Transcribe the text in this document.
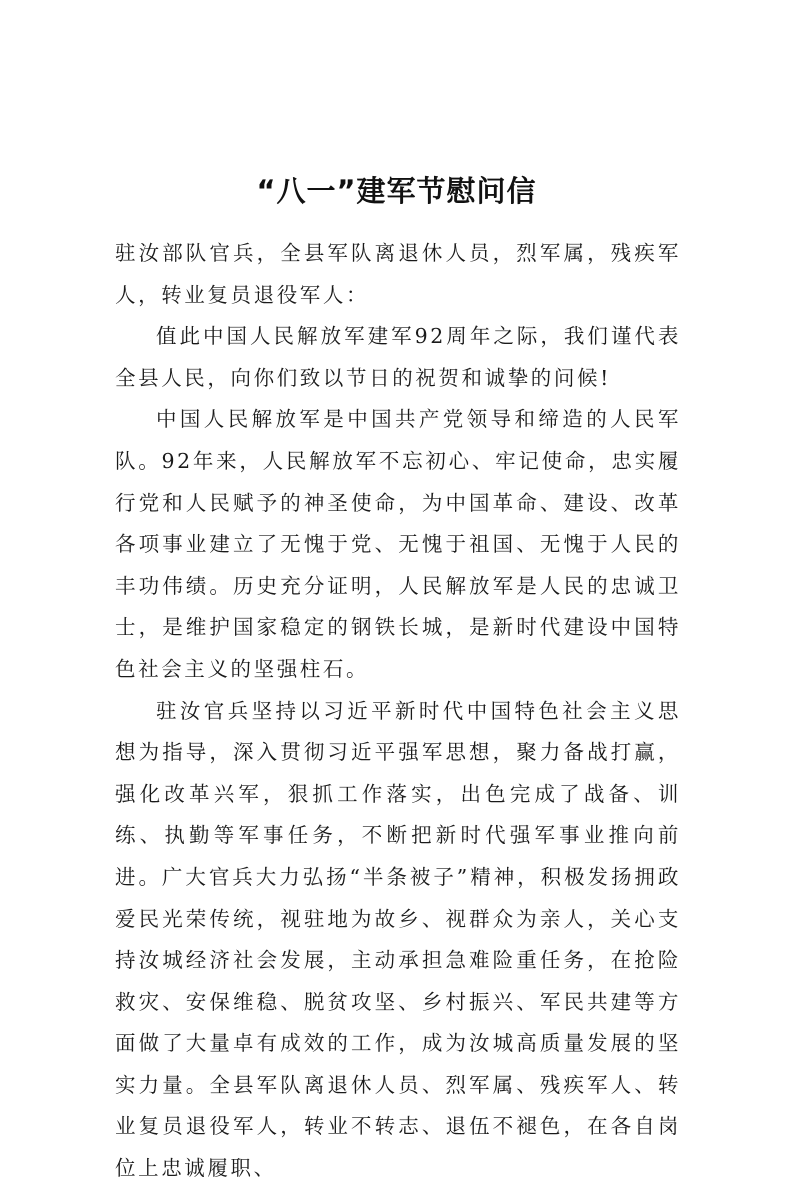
“八一”建军节慰问信

驻汝部队官兵，全县军队离退休人员，烈军属，残疾军人，转业复员退役军人：

值此中国人民解放军建军92周年之际，我们谨代表全县人民，向你们致以节日的祝贺和诚挚的问候!

中国人民解放军是中国共产党领导和缔造的人民军队。92年来，人民解放军不忘初心、牢记使命，忠实履行党和人民赋予的神圣使命，为中国革命、建设、改革各项事业建立了无愧于党、无愧于祖国、无愧于人民的丰功伟绩。历史充分证明，人民解放军是人民的忠诚卫士，是维护国家稳定的钢铁长城，是新时代建设中国特色社会主义的坚强柱石。

驻汝官兵坚持以习近平新时代中国特色社会主义思想为指导，深入贯彻习近平强军思想，聚力备战打赢，强化改革兴军，狠抓工作落实，出色完成了战备、训练、执勤等军事任务，不断把新时代强军事业推向前进。广大官兵大力弘扬“半条被子”精神，积极发扬拥政爱民光荣传统，视驻地为故乡、视群众为亲人，关心支持汝城经济社会发展，主动承担急难险重任务，在抢险救灾、安保维稳、脱贫攻坚、乡村振兴、军民共建等方面做了大量卓有成效的工作，成为汝城高质量发展的坚实力量。全县军队离退休人员、烈军属、残疾军人、转业复员退役军人，转业不转志、退伍不褪色，在各自岗位上忠诚履职、
